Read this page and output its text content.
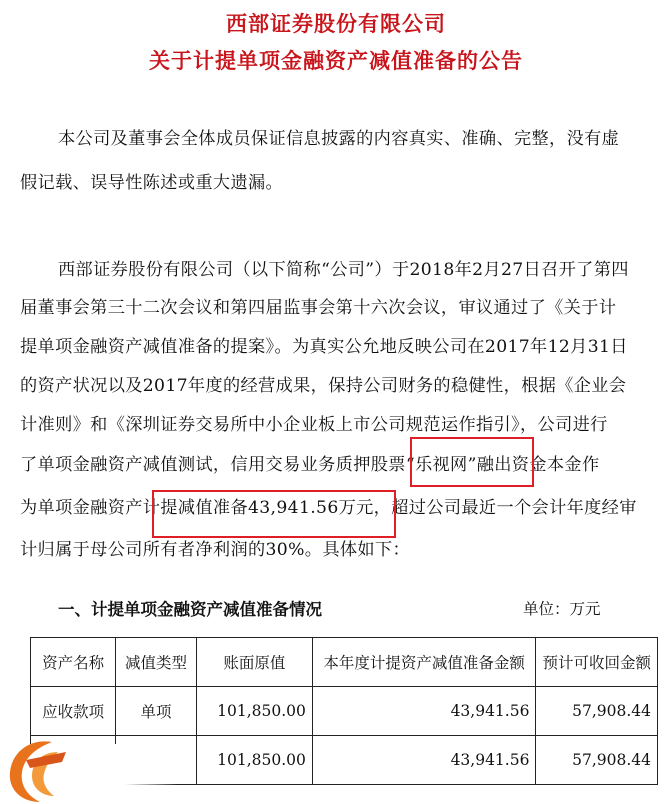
西部证券股份有限公司
关于计提单项金融资产减值准备的公告
本公司及董事会全体成员保证信息披露的内容真实、准确、完整，没有虚
假记载、误导性陈述或重大遗漏。
西部证券股份有限公司（以下简称“公司”）于2018年2月27日召开了第四
届董事会第三十二次会议和第四届监事会第十六次会议，审议通过了《关于计
提单项金融资产减值准备的提案》。为真实公允地反映公司在2017年12月31日
的资产状况以及2017年度的经营成果，保持公司财务的稳健性，根据《企业会
计准则》和《深圳证券交易所中小企业板上市公司规范运作指引》，公司进行
了单项金融资产减值测试，信用交易业务质押股票“乐视网”融出资金本金作
为单项金融资产计提减值准备43,941.56万元，超过公司最近一个会计年度经审
计归属于母公司所有者净利润的30%。具体如下：
一、计提单项金融资产减值准备情况	单位：万元
资产名称	减值类型	账面原值	本年度计提资产减值准备金额	预计可收回金额
应收款项	单项	101,850.00	43,941.56	57,908.44
		101,850.00	43,941.56	57,908.44
